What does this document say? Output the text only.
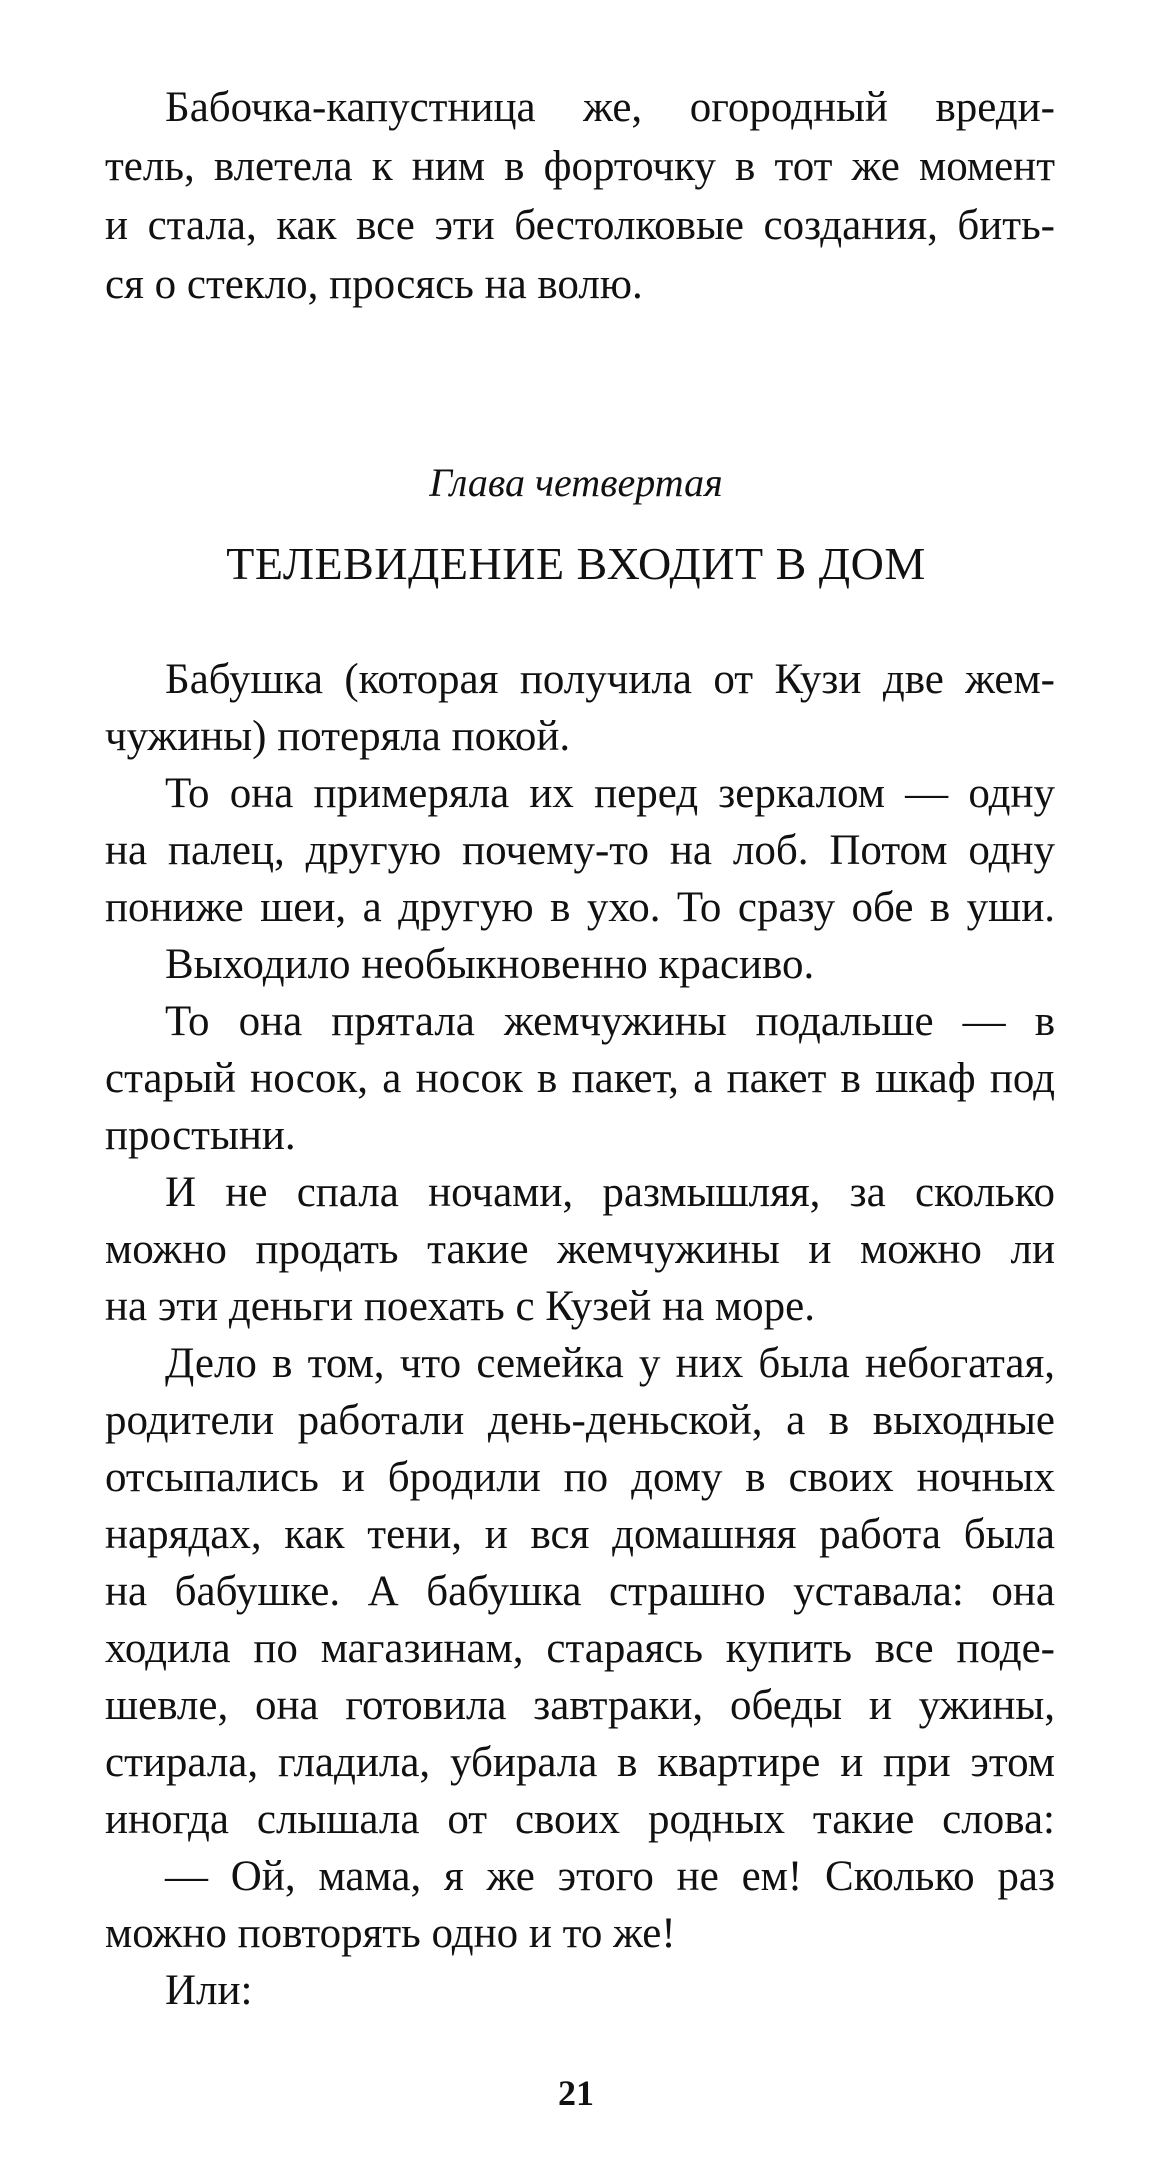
Бабочка-капустница же, огородный вреди-
тель, влетела к ним в форточку в тот же момент
и стала, как все эти бестолковые создания, бить-
ся о стекло, просясь на волю.
Глава четвертая
ТЕЛЕВИДЕНИЕ ВХОДИТ В ДОМ
Бабушка (которая получила от Кузи две жем-
чужины) потеряла покой.
То она примеряла их перед зеркалом — одну
на палец, другую почему-то на лоб. Потом одну
пониже шеи, а другую в ухо. То сразу обе в уши.
Выходило необыкновенно красиво.
То она прятала жемчужины подальше — в
старый носок, а носок в пакет, а пакет в шкаф под
простыни.
И не спала ночами, размышляя, за сколько
можно продать такие жемчужины и можно ли
на эти деньги поехать с Кузей на море.
Дело в том, что семейка у них была небогатая,
родители работали день-деньской, а в выходные
отсыпались и бродили по дому в своих ночных
нарядах, как тени, и вся домашняя работа была
на бабушке. А бабушка страшно уставала: она
ходила по магазинам, стараясь купить все поде-
шевле, она готовила завтраки, обеды и ужины,
стирала, гладила, убирала в квартире и при этом
иногда слышала от своих родных такие слова:
— Ой, мама, я же этого не ем! Сколько раз
можно повторять одно и то же!
Или:
21
